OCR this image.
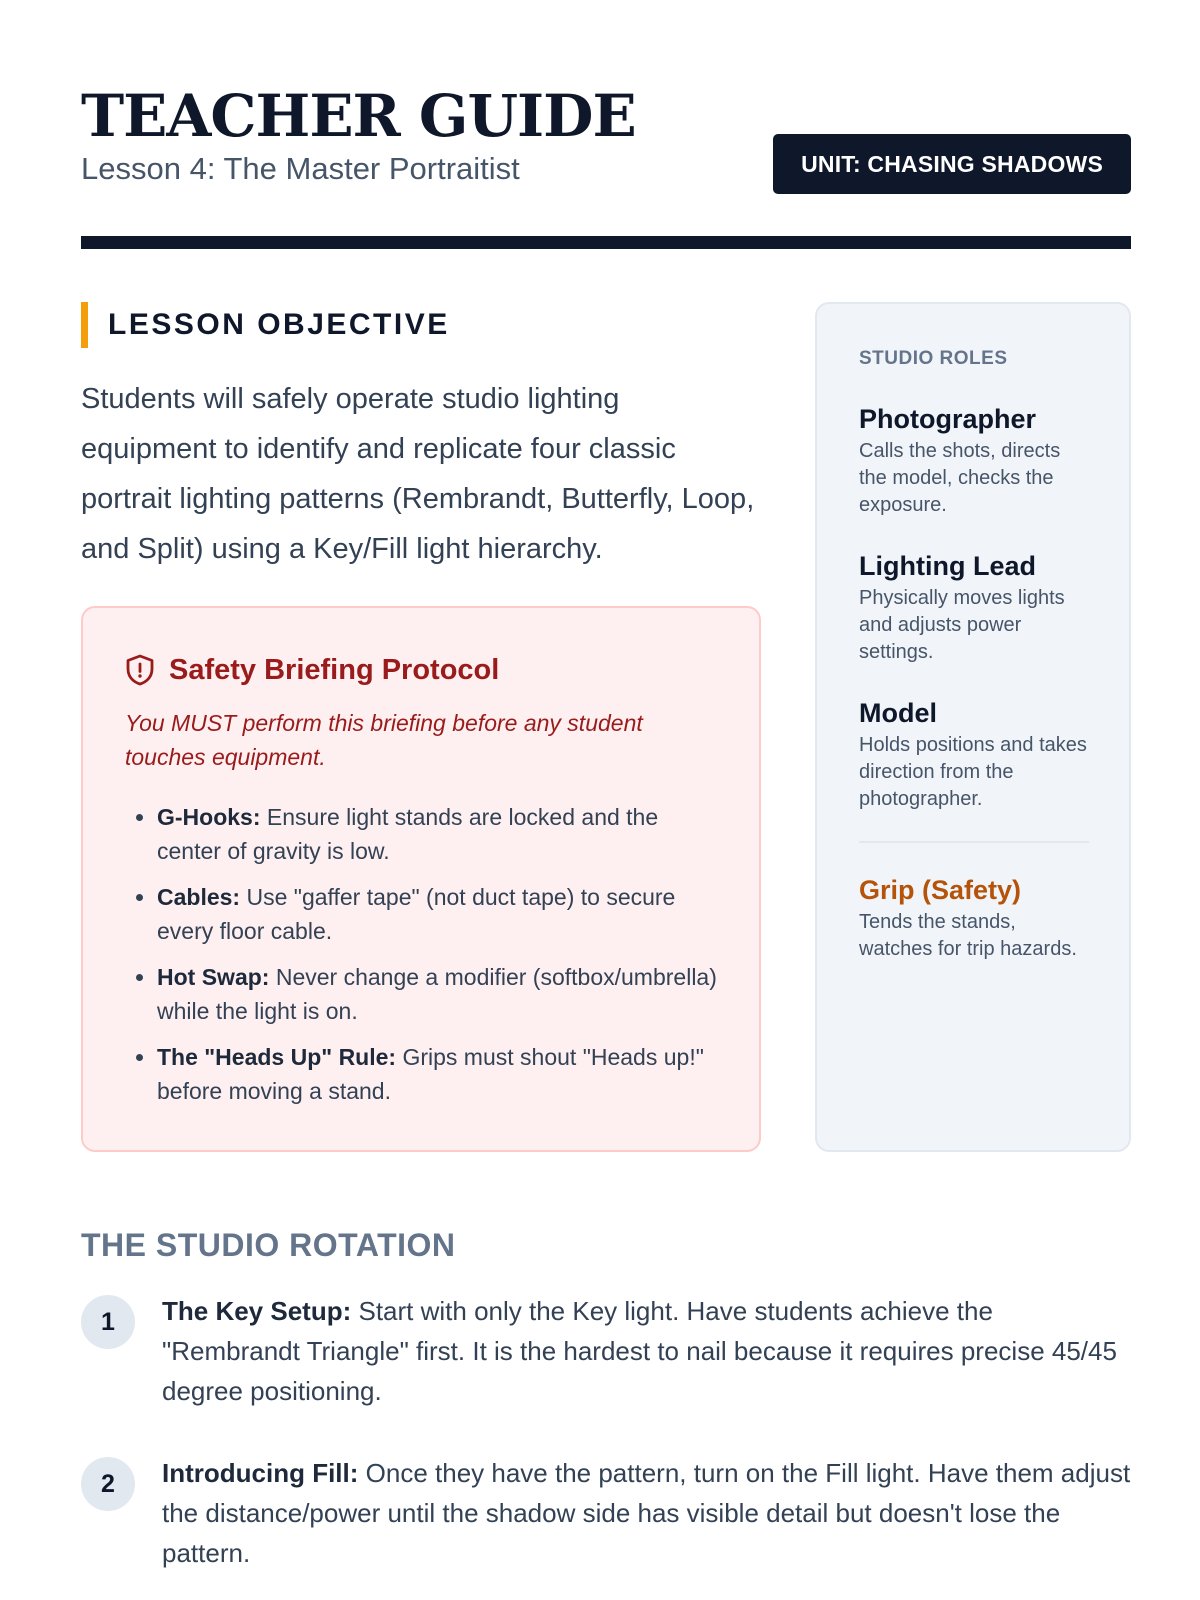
TEACHER GUIDE
Lesson 4: The Master Portraitist	UNIT: CHASING SHADOWS
LESSON OBJECTIVE
Students will safely operate studio lighting equipment to identify and replicate four classic portrait lighting patterns (Rembrandt, Butterfly, Loop, and Split) using a Key/Fill light hierarchy.
Safety Briefing Protocol
You MUST perform this briefing before any student touches equipment.
• G-Hooks: Ensure light stands are locked and the center of gravity is low.
• Cables: Use "gaffer tape" (not duct tape) to secure every floor cable.
• Hot Swap: Never change a modifier (softbox/umbrella) while the light is on.
• The "Heads Up" Rule: Grips must shout "Heads up!" before moving a stand.
STUDIO ROLES
Photographer
Calls the shots, directs the model, checks the exposure.
Lighting Lead
Physically moves lights and adjusts power settings.
Model
Holds positions and takes direction from the photographer.
Grip (Safety)
Tends the stands, watches for trip hazards.
THE STUDIO ROTATION
1	The Key Setup: Start with only the Key light. Have students achieve the "Rembrandt Triangle" first. It is the hardest to nail because it requires precise 45/45 degree positioning.
2	Introducing Fill: Once they have the pattern, turn on the Fill light. Have them adjust the distance/power until the shadow side has visible detail but doesn't lose the pattern.
